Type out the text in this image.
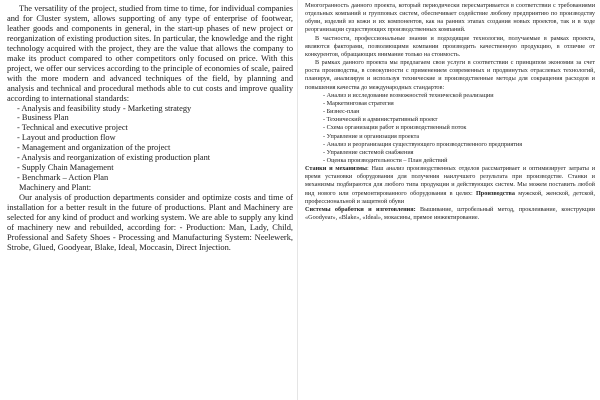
The versatility of the project, studied from time to time, for individual companies and for Cluster system, allows supporting of any type of enterprise of footwear, leather goods and components in general, in the start-up phases of new project or reorganization of existing production sites. In particular, the knowledge and the right technology acquired with the project, they are the value that allows the company to make its product compared to other competitors only focused on price. With this project, we offer our services according to the principle of economies of scale, paired with the more modern and advanced techniques of the field, by planning and analysis and technical and procedural methods able to cut costs and improve quality according to international standards:

- Analysis and feasibility study - Marketing strategy
- Business Plan
- Technical and executive project
- Layout and production flow
- Management and organization of the project
- Analysis and reorganization of existing production plant
- Supply Chain Management
- Benchmark – Action Plan

Machinery and Plant:

Our analysis of production departments consider and optimize costs and time of installation for a better result in the future of productions. Plant and Machinery are selected for any kind of product and working system. We are able to supply any kind of machinery new and rebuilded, according for: - Production: Man, Lady, Child, Professional and Safety Shoes - Processing and Manufacturing System: Neelewerk, Strobe, Glued, Goodyear, Blake, Ideal, Moccasin, Direct Injection.

Многогранность данного проекта, который периодически пересматривается в соответствии с требованиями отдельных компаний и групповых систем, обеспечивает содействие любому предприятию по производству обуви, изделий из кожи и их компонентов, как на ранних этапах создания новых проектов, так и в ходе реорганизации существующих производственных компаний.

В частности, профессиональные знания и подходящие технологии, получаемые в рамках проекта, являются факторами, позволяющими компании производить качественную продукцию, в отличие от конкурентов, обращающих внимание только на стоимость.

В рамках данного проекта мы предлагаем свои услуги в соответствии с принципом экономии за счет роста производства, в совокупности с применением современных и продвинутых отраслевых технологий, планируя, анализируя и используя технические и производственные методы для сокращения расходов и повышения качества до международных стандартов:

- Анализ и исследование возможностей технической реализации
- Маркетинговая стратегия
- Бизнес-план
- Технический и административный проект
- Схема организации работ и производственный поток
- Управление и организация проекта
- Анализ и реорганизация существующего производственного предприятия
- Управление системой снабжения
- Оценка производительности – План действий

Станки и механизмы: Наш анализ производственных отделов рассматривает и оптимизирует затраты и время установки оборудования для получения наилучшего результата при производстве. Станки и механизмы подбираются для любого типа продукции и действующих систем. Мы можем поставить любой вид нового или отремонтированного оборудования в целях: Производства мужской, женской, детской, профессиональной и защитной обуви

Системы обработки и изготовления: Вышивание, штробельный метод, проклеивание, конструкции «Goodyear», «Blake», «Ideal», мокасины, прямое инжектирование.
